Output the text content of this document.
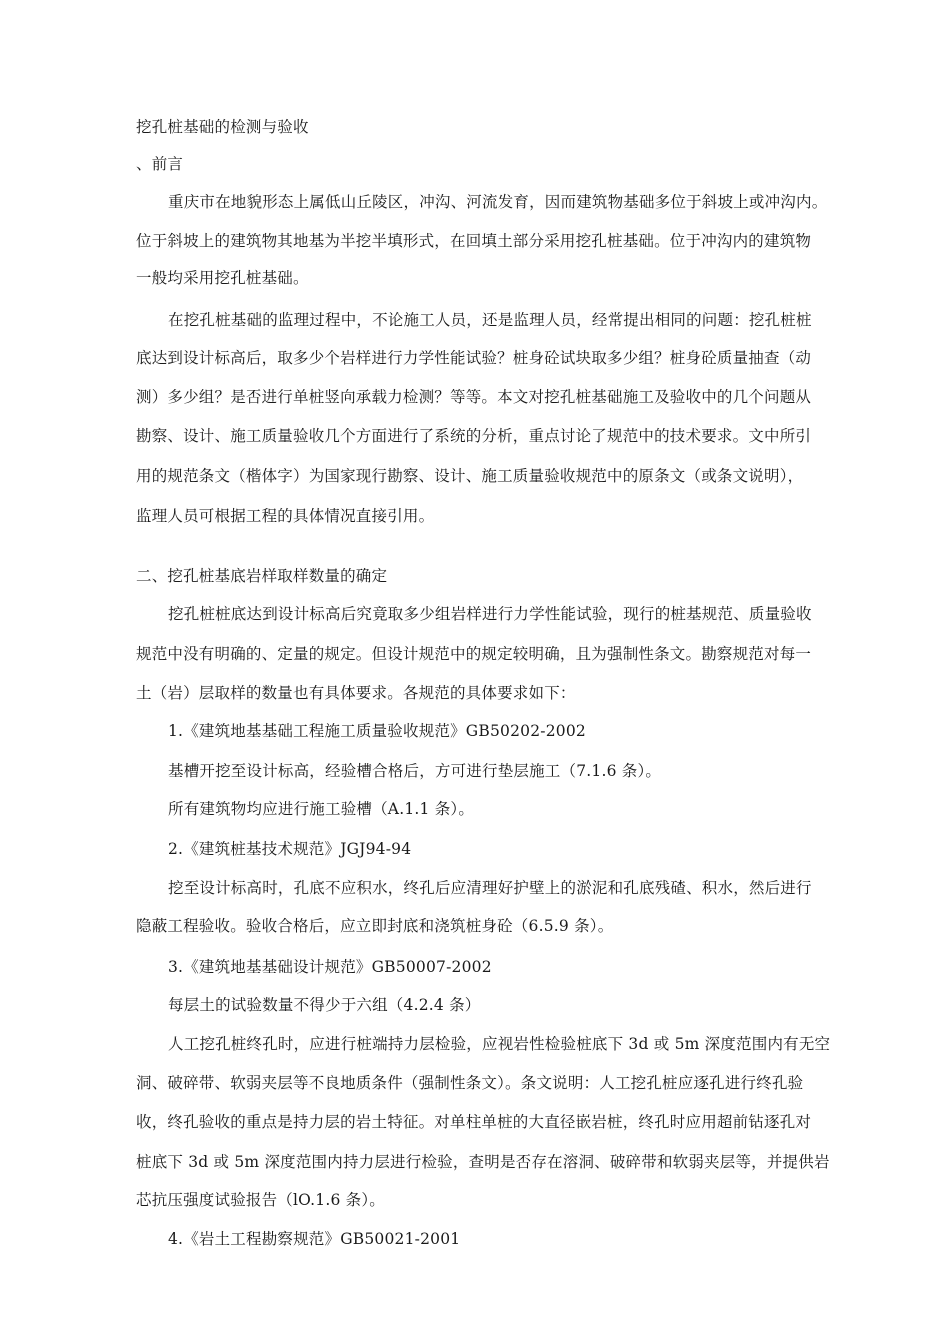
挖孔桩基础的检测与验收
、前言
重庆市在地貌形态上属低山丘陵区，冲沟、河流发育，因而建筑物基础多位于斜坡上或冲沟内。
位于斜坡上的建筑物其地基为半挖半填形式，在回填土部分采用挖孔桩基础。位于冲沟内的建筑物
一般均采用挖孔桩基础。
在挖孔桩基础的监理过程中，不论施工人员，还是监理人员，经常提出相同的问题：挖孔桩桩
底达到设计标高后，取多少个岩样进行力学性能试验？桩身砼试块取多少组？桩身砼质量抽查（动
测）多少组？是否进行单桩竖向承载力检测？等等。本文对挖孔桩基础施工及验收中的几个问题从
勘察、设计、施工质量验收几个方面进行了系统的分析，重点讨论了规范中的技术要求。文中所引
用的规范条文（楷体字）为国家现行勘察、设计、施工质量验收规范中的原条文（或条文说明），
监理人员可根据工程的具体情况直接引用。
二、挖孔桩基底岩样取样数量的确定
挖孔桩桩底达到设计标高后究竟取多少组岩样进行力学性能试验，现行的桩基规范、质量验收
规范中没有明确的、定量的规定。但设计规范中的规定较明确，且为强制性条文。勘察规范对每一
土（岩）层取样的数量也有具体要求。各规范的具体要求如下：
1.《建筑地基基础工程施工质量验收规范》GB50202-2002
基槽开挖至设计标高，经验槽合格后，方可进行垫层施工（7.1.6 条）。
所有建筑物均应进行施工验槽（A.1.1 条）。
2.《建筑桩基技术规范》JGJ94-94
挖至设计标高时，孔底不应积水，终孔后应清理好护壁上的淤泥和孔底残碴、积水，然后进行
隐蔽工程验收。验收合格后，应立即封底和浇筑桩身砼（6.5.9 条）。
3.《建筑地基基础设计规范》GB50007-2002
每层土的试验数量不得少于六组（4.2.4 条）
人工挖孔桩终孔时，应进行桩端持力层检验，应视岩性检验桩底下 3d 或 5m 深度范围内有无空
洞、破碎带、软弱夹层等不良地质条件（强制性条文）。条文说明：人工挖孔桩应逐孔进行终孔验
收，终孔验收的重点是持力层的岩土特征。对单柱单桩的大直径嵌岩桩，终孔时应用超前钻逐孔对
桩底下 3d 或 5m 深度范围内持力层进行检验，查明是否存在溶洞、破碎带和软弱夹层等，并提供岩
芯抗压强度试验报告（lO.1.6 条）。
4.《岩土工程勘察规范》GB50021-2001
